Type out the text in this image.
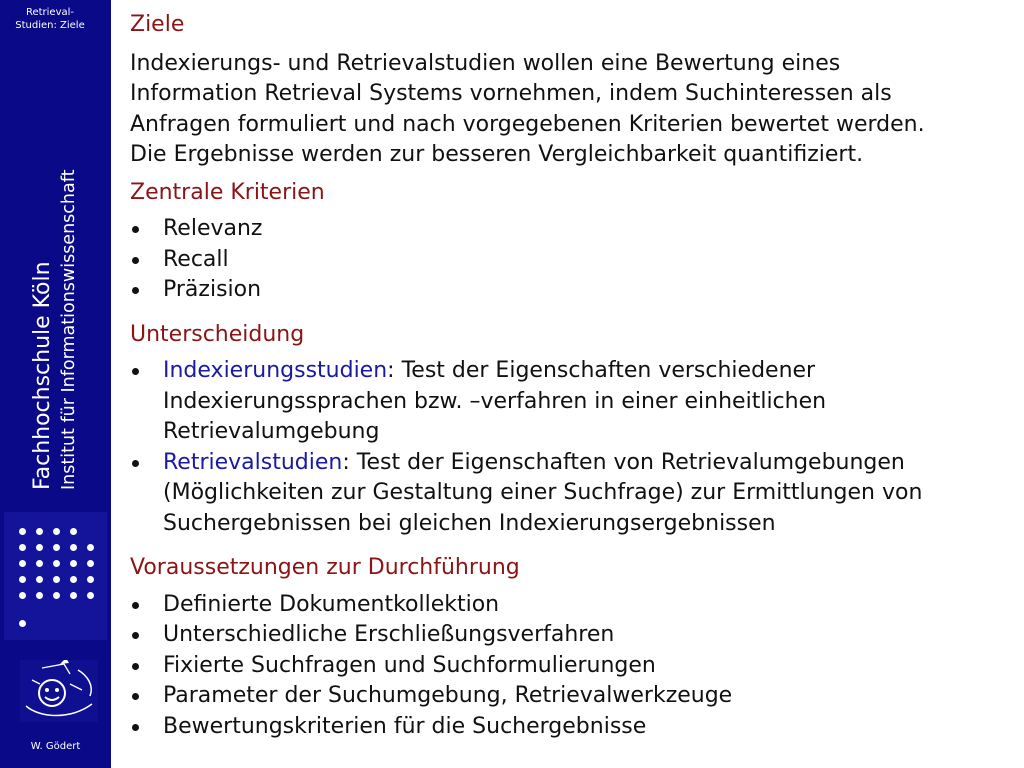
Retrieval-
Studien: Ziele
Fachhochschule Köln Institut für Informationswissenschaft
W. Gödert
Ziele
Indexierungs- und Retrievalstudien wollen eine Bewertung eines
Information Retrieval Systems vornehmen, indem Suchinteressen als
Anfragen formuliert und nach vorgegebenen Kriterien bewertet werden.
Die Ergebnisse werden zur besseren Vergleichbarkeit quantifiziert.
Zentrale Kriterien
Relevanz
Recall
Präzision
Unterscheidung
Indexierungsstudien: Test der Eigenschaften verschiedener
Indexierungssprachen bzw. –verfahren in einer einheitlichen
Retrievalumgebung
Retrievalstudien: Test der Eigenschaften von Retrievalumgebungen
(Möglichkeiten zur Gestaltung einer Suchfrage) zur Ermittlungen von
Suchergebnissen bei gleichen Indexierungsergebnissen
Voraussetzungen zur Durchführung
Definierte Dokumentkollektion
Unterschiedliche Erschließungsverfahren
Fixierte Suchfragen und Suchformulierungen
Parameter der Suchumgebung, Retrievalwerkzeuge
Bewertungskriterien für die Suchergebnisse
